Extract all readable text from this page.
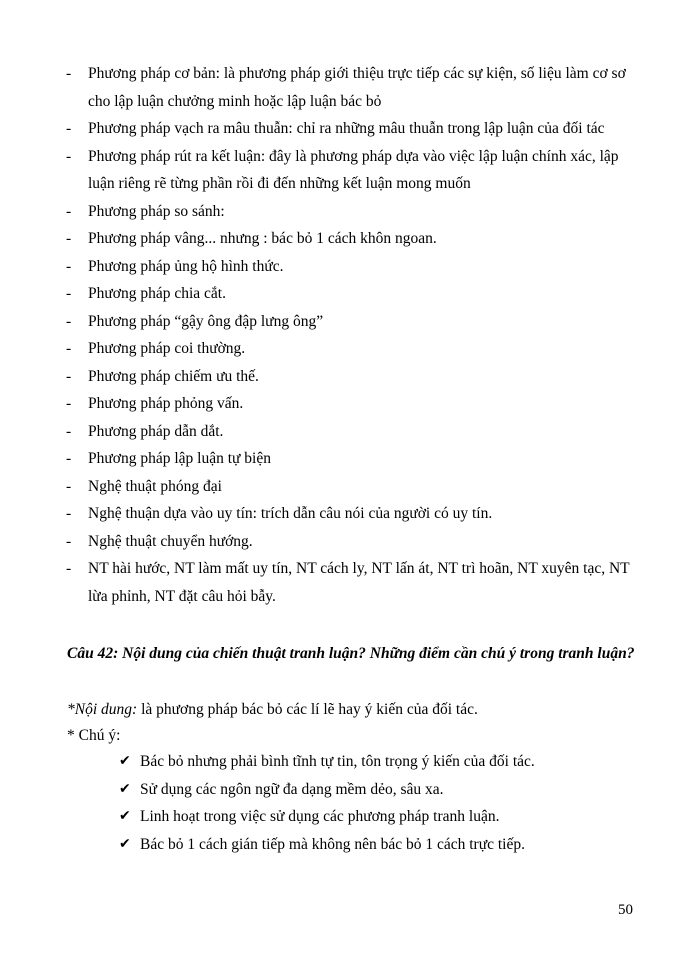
- Phương pháp cơ bản: là phương pháp giới thiệu trực tiếp các sự kiện, số liệu làm cơ sơ cho lập luận chưởng minh hoặc lập luận bác bỏ
- Phương pháp vạch ra mâu thuẫn: chỉ ra những mâu thuẫn trong lập luận của đối tác
- Phương pháp rút ra kết luận: đây là phương pháp dựa vào việc lập luận chính xác, lập luận riêng rẽ từng phần rồi đi đến những kết luận mong muốn
- Phương pháp so sánh:
- Phương pháp vâng... nhưng : bác bỏ 1 cách khôn ngoan.
- Phương pháp ủng hộ hình thức.
- Phương pháp chia cắt.
- Phương pháp “gậy ông đập lưng ông”
- Phương pháp coi thường.
- Phương pháp chiếm ưu thế.
- Phương pháp phỏng vấn.
- Phương pháp dẫn dắt.
- Phương pháp lập luận tự biện
- Nghệ thuật phóng đại
- Nghệ thuận dựa vào uy tín: trích dẫn câu nói của người có uy tín.
- Nghệ thuật chuyển hướng.
- NT hài hước, NT làm mất uy tín, NT cách ly, NT lấn át, NT trì hoãn, NT xuyên tạc, NT lừa phỉnh, NT đặt câu hỏi bẫy.
Câu 42: Nội dung của chiến thuật tranh luận? Những điểm cần chú ý trong tranh luận?
*Nội dung: là phương pháp bác bỏ các lí lẽ hay ý kiến của đối tác.
* Chú ý:
✔ Bác bỏ nhưng phải bình tĩnh tự tin, tôn trọng ý kiến của đối tác.
✔ Sử dụng các ngôn ngữ đa dạng mềm dẻo, sâu xa.
✔ Linh hoạt trong việc sử dụng các phương pháp tranh luận.
✔ Bác bỏ 1 cách gián tiếp mà không nên bác bỏ 1 cách trực tiếp.
50
